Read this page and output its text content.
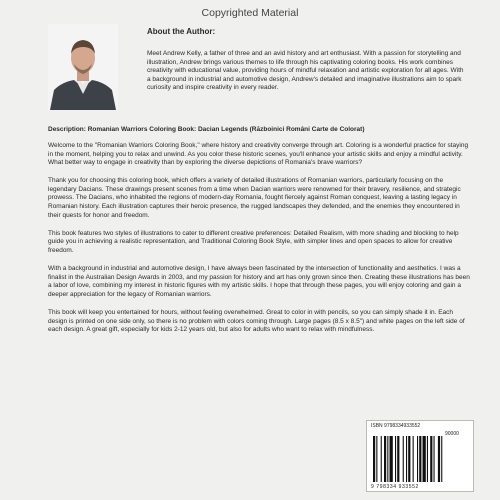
Copyrighted Material
About the Author:
Meet Andrew Kelly, a father of three and an avid history and art enthusiast. With a passion for storytelling and illustration, Andrew brings various themes to life through his captivating coloring books. His work combines creativity with educational value, providing hours of mindful relaxation and artistic exploration for all ages. With a background in industrial and automotive design, Andrew's detailed and imaginative illustrations aim to spark curiosity and inspire creativity in every reader.
Description: Romanian Warriors Coloring Book: Dacian Legends (Războinici Români Carte de Colorat)

Welcome to the "Romanian Warriors Coloring Book," where history and creativity converge through art. Coloring is a wonderful practice for staying in the moment, helping you to relax and unwind. As you color these historic scenes, you'll enhance your artistic skills and enjoy a mindful activity. What better way to engage in creativity than by exploring the diverse depictions of Romania's brave warriors?

Thank you for choosing this coloring book, which offers a variety of detailed illustrations of Romanian warriors, particularly focusing on the legendary Dacians. These drawings present scenes from a time when Dacian warriors were renowned for their bravery, resilience, and strategic prowess. The Dacians, who inhabited the regions of modern-day Romania, fought fiercely against Roman conquest, leaving a lasting legacy in Romanian history. Each illustration captures their heroic presence, the rugged landscapes they defended, and the enemies they encountered in their quests for honor and freedom.

This book features two styles of illustrations to cater to different creative preferences: Detailed Realism, with more shading and blocking to help guide you in achieving a realistic representation, and Traditional Coloring Book Style, with simpler lines and open spaces to allow for creative freedom.

With a background in industrial and automotive design, I have always been fascinated by the intersection of functionality and aesthetics. I was a finalist in the Australian Design Awards in 2003, and my passion for history and art has only grown since then. Creating these illustrations has been a labor of love, combining my interest in historic figures with my artistic skills. I hope that through these pages, you will enjoy coloring and gain a deeper appreciation for the legacy of Romanian warriors.

This book will keep you entertained for hours, without feeling overwhelmed. Great to color in with pencils, so you can simply shade it in. Each design is printed on one side only, so there is no problem with colors coming through. Large pages (8.5 x 8.5") and white pages on the left side of each design. A great gift, especially for kids 2-12 years old, but also for adults who want to relax with mindfulness.

ISBN 9798334933552
90000
9 798334 933552
